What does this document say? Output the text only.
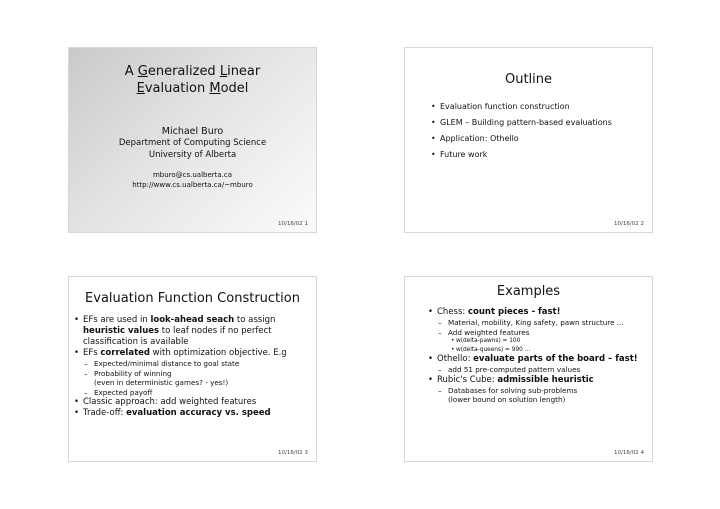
A Generalized Linear
Evaluation Model
Michael Buro
Department of Computing Science
University of Alberta
mburo@cs.ualberta.ca
http://www.cs.ualberta.ca/~mburo
10/16/02 1
Outline
• Evaluation function construction
• GLEM – Building pattern-based evaluations
• Application: Othello
• Future work
10/16/02 2
Evaluation Function Construction
• EFs are used in look-ahead seach to assign heuristic values to leaf nodes if no perfect classification is available
• EFs correlated with optimization objective. E.g
– Expected/minimal distance to goal state
– Probability of winning
(even in deterministic games? - yes!)
– Expected payoff
• Classic approach: add weighted features
• Trade-off: evaluation accuracy vs. speed
10/16/02 3
Examples
• Chess: count pieces - fast!
– Material, mobility, King safety, pawn structure ...
– Add weighted features
• w(delta-pawns) = 100
• w(delta-queens) = 990 ...
• Othello: evaluate parts of the board – fast!
– add 51 pre-computed pattern values
• Rubic's Cube: admissible heuristic
– Databases for solving sub-problems
(lower bound on solution length)
10/16/02 4
